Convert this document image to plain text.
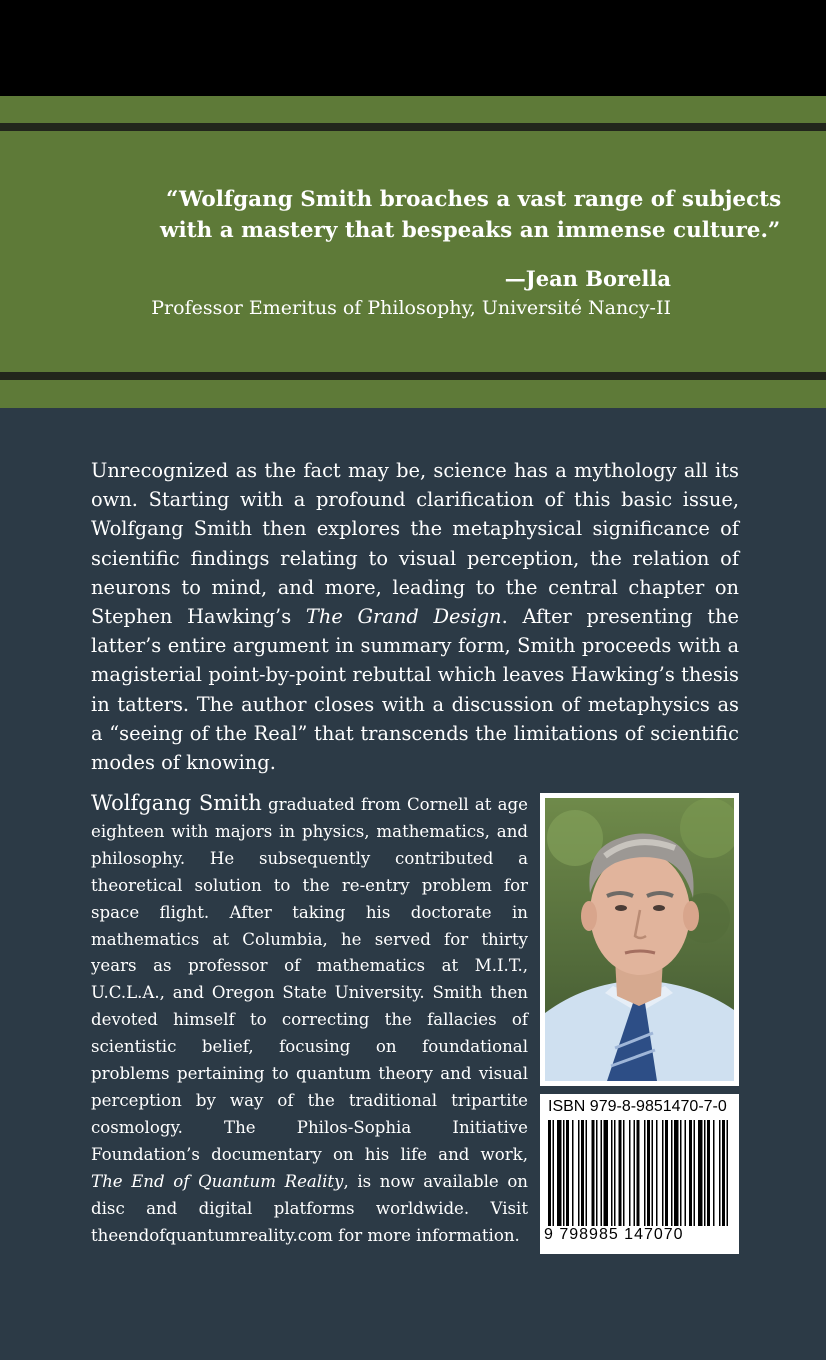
“Wolfgang Smith broaches a vast range of subjects
with a mastery that bespeaks an immense culture.”
—Jean Borella
Professor Emeritus of Philosophy, Université Nancy-II

Unrecognized as the fact may be, science has a mythology all its own. Starting with a profound clarification of this basic issue, Wolfgang Smith then explores the metaphysical significance of scientific findings relating to visual perception, the relation of neurons to mind, and more, leading to the central chapter on Stephen Hawking’s The Grand Design. After presenting the latter’s entire argument in summary form, Smith proceeds with a magisterial point-by-point rebuttal which leaves Hawking’s thesis in tatters. The author closes with a discussion of metaphysics as a “seeing of the Real” that transcends the limitations of scientific modes of knowing.

Wolfgang Smith graduated from Cornell at age eighteen with majors in physics, mathematics, and philosophy. He subsequently contributed a theoretical solution to the re-entry problem for space flight. After taking his doctorate in mathematics at Columbia, he served for thirty years as professor of mathematics at M.I.T., U.C.L.A., and Oregon State University. Smith then devoted himself to correcting the fallacies of scientistic belief, focusing on foundational problems pertaining to quantum theory and visual perception by way of the traditional tripartite cosmology. The Philos-Sophia Initiative Foundation’s documentary on his life and work, The End of Quantum Reality, is now available on disc and digital platforms worldwide. Visit theendofquantumreality.com for more information.

ISBN 979-8-9851470-7-0
9 798985 147070
